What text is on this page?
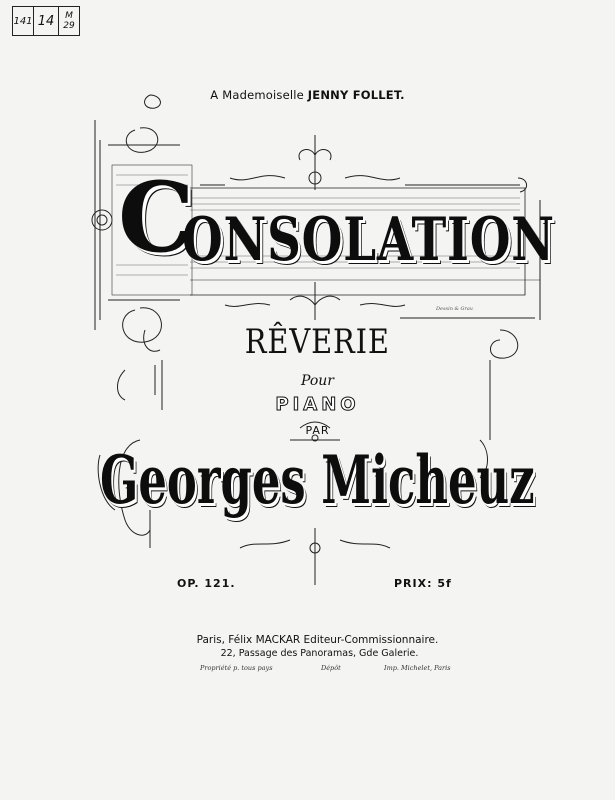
141 14	M
29
A Mademoiselle JENNY FOLLET.
C
ONSOLATION
Dessin & Grav.
RÊVERIE
Pour
PIANO
PAR
Georges Micheuz
OP. 121.	PRIX: 5f
Paris, Félix MACKAR Editeur-Commissionnaire.
22, Passage des Panoramas, Gde Galerie.
Propriété p. tous pays	Dépôt	Imp. Michelet, Paris
